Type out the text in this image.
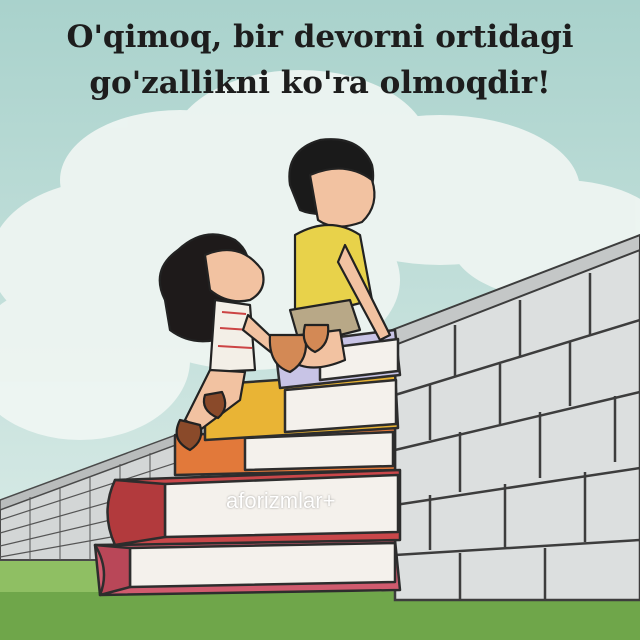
O'qimoq, bir devorni ortidagi
go'zallikni ko'ra olmoqdir!
aforizmlar+
